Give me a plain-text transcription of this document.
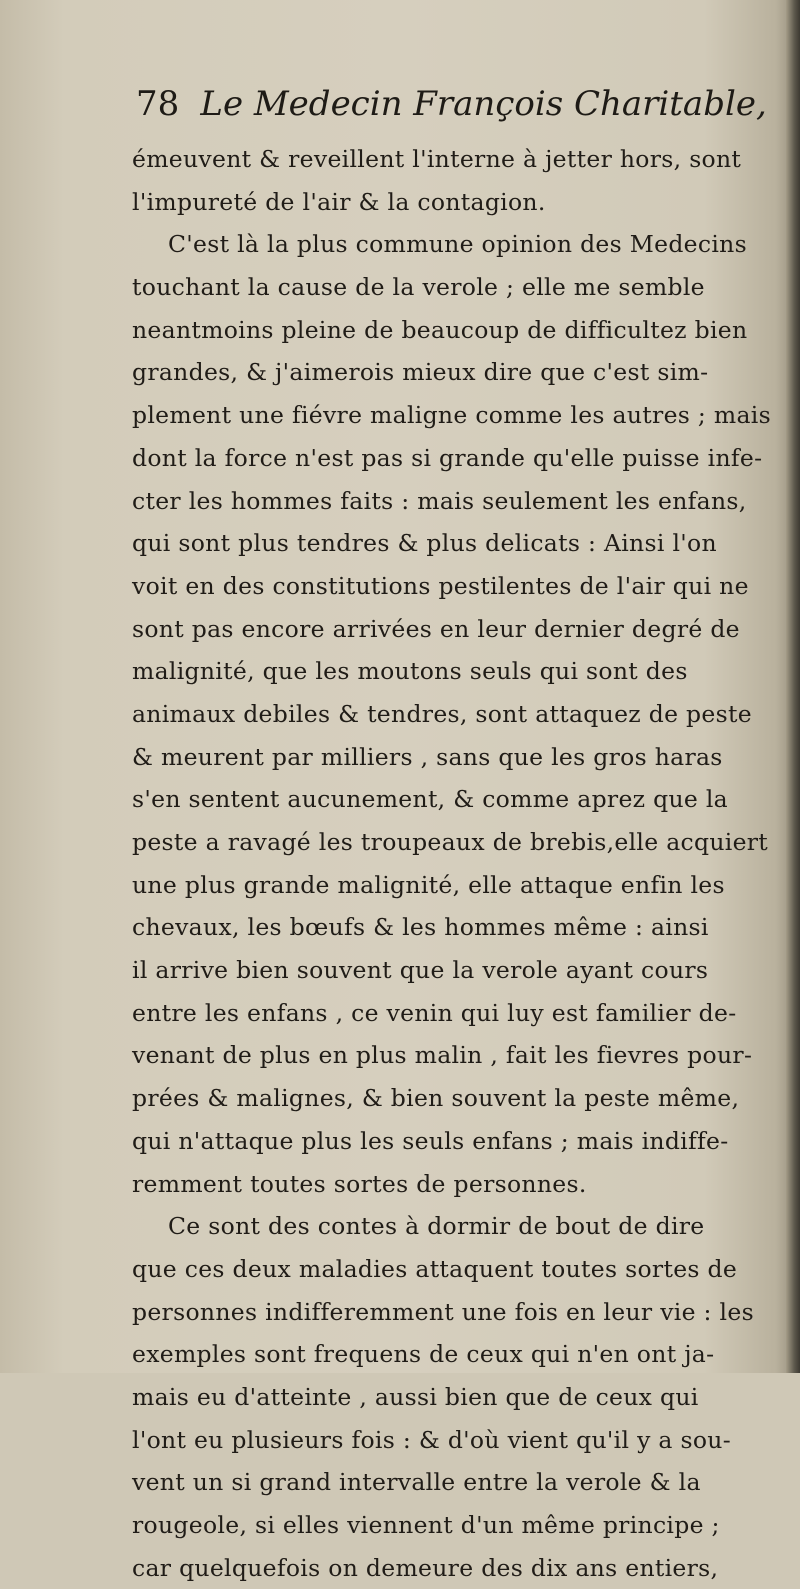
78 Le Medecin François Charitable,
émeuvent & reveillent l'interne à jetter hors, sont
l'impureté de l'air & la contagion.
C'est là la plus commune opinion des Medecins
touchant la cause de la verole ; elle me semble
neantmoins pleine de beaucoup de difficultez bien
grandes, & j'aimerois mieux dire que c'est sim-
plement une fiévre maligne comme les autres ; mais
dont la force n'est pas si grande qu'elle puisse infe-
cter les hommes faits : mais seulement les enfans,
qui sont plus tendres & plus delicats : Ainsi l'on
voit en des constitutions pestilentes de l'air qui ne
sont pas encore arrivées en leur dernier degré de
malignité, que les moutons seuls qui sont des
animaux debiles & tendres, sont attaquez de peste
& meurent par milliers , sans que les gros haras
s'en sentent aucunement, & comme aprez que la
peste a ravagé les troupeaux de brebis,elle acquiert
une plus grande malignité, elle attaque enfin les
chevaux, les bœufs & les hommes même : ainsi
il arrive bien souvent que la verole ayant cours
entre les enfans , ce venin qui luy est familier de-
venant de plus en plus malin , fait les fievres pour-
prées & malignes, & bien souvent la peste même,
qui n'attaque plus les seuls enfans ; mais indiffe-
remment toutes sortes de personnes.
Ce sont des contes à dormir de bout de dire
que ces deux maladies attaquent toutes sortes de
personnes indifferemment une fois en leur vie : les
exemples sont frequens de ceux qui n'en ont ja-
mais eu d'atteinte , aussi bien que de ceux qui
l'ont eu plusieurs fois : & d'où vient qu'il y a sou-
vent un si grand intervalle entre la verole & la
rougeole, si elles viennent d'un même principe ;
car quelquefois on demeure des dix ans entiers,
